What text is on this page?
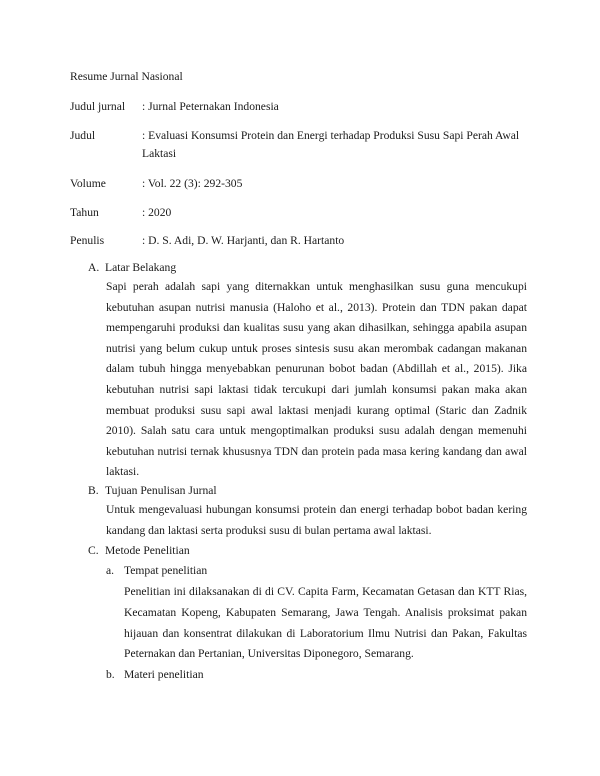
Resume Jurnal Nasional
Judul jurnal : Jurnal Peternakan Indonesia
Judul	: Evaluasi Konsumsi Protein dan Energi terhadap Produksi Susu Sapi Perah Awal Laktasi
Volume	: Vol. 22 (3): 292-305
Tahun	: 2020
Penulis	: D. S. Adi, D. W. Harjanti, dan R. Hartanto
A. Latar Belakang
Sapi perah adalah sapi yang diternakkan untuk menghasilkan susu guna mencukupi kebutuhan asupan nutrisi manusia (Haloho et al., 2013). Protein dan TDN pakan dapat mempengaruhi produksi dan kualitas susu yang akan dihasilkan, sehingga apabila asupan nutrisi yang belum cukup untuk proses sintesis susu akan merombak cadangan makanan dalam tubuh hingga menyebabkan penurunan bobot badan (Abdillah et al., 2015). Jika kebutuhan nutrisi sapi laktasi tidak tercukupi dari jumlah konsumsi pakan maka akan membuat produksi susu sapi awal laktasi menjadi kurang optimal (Staric dan Zadnik 2010). Salah satu cara untuk mengoptimalkan produksi susu adalah dengan memenuhi kebutuhan nutrisi ternak khususnya TDN dan protein pada masa kering kandang dan awal laktasi.
B. Tujuan Penulisan Jurnal
Untuk mengevaluasi hubungan konsumsi protein dan energi terhadap bobot badan kering kandang dan laktasi serta produksi susu di bulan pertama awal laktasi.
C. Metode Penelitian
a. Tempat penelitian
Penelitian ini dilaksanakan di di CV. Capita Farm, Kecamatan Getasan dan KTT Rias, Kecamatan Kopeng, Kabupaten Semarang, Jawa Tengah. Analisis proksimat pakan hijauan dan konsentrat dilakukan di Laboratorium Ilmu Nutrisi dan Pakan, Fakultas Peternakan dan Pertanian, Universitas Diponegoro, Semarang.
b. Materi penelitian
